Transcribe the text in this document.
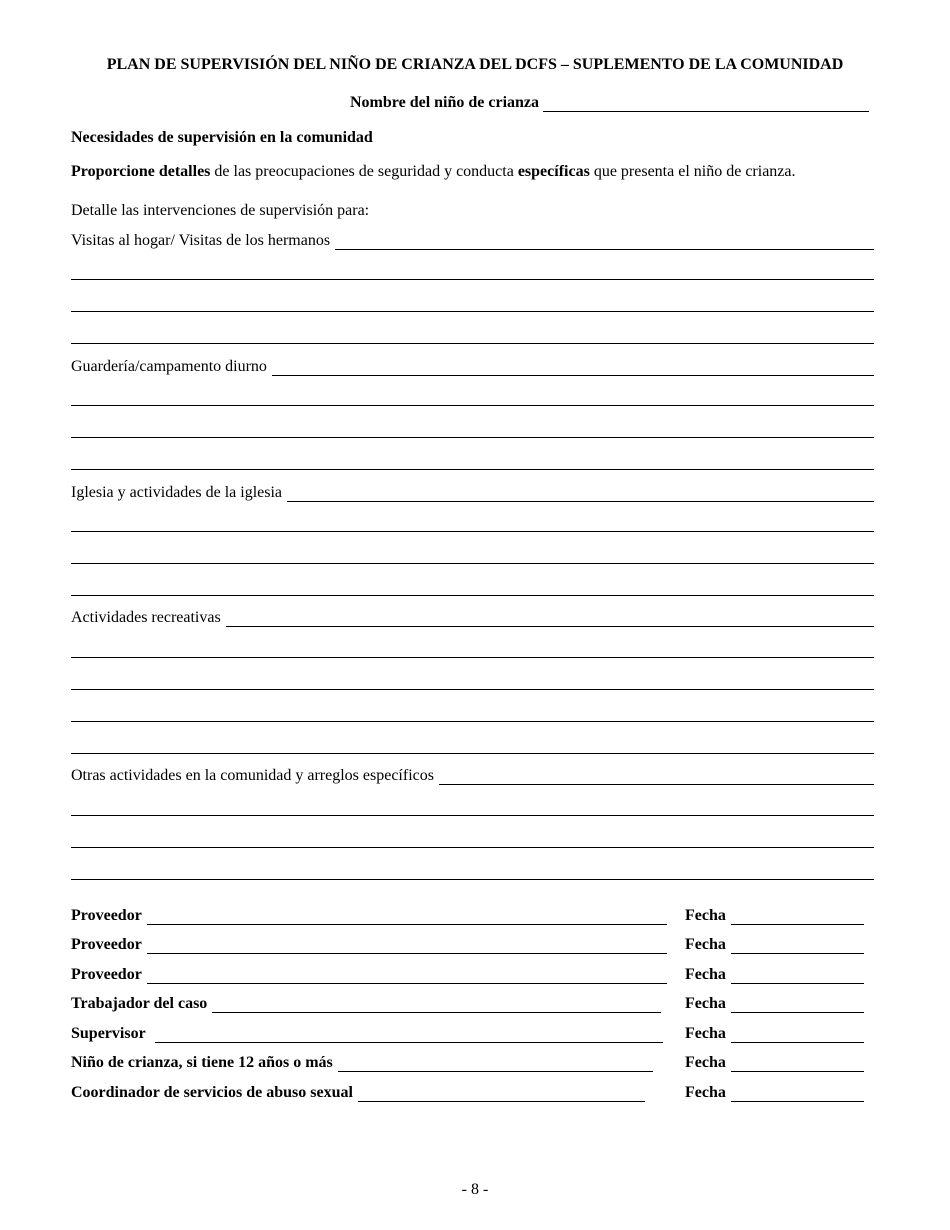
PLAN DE SUPERVISIÓN DEL NIÑO DE CRIANZA DEL DCFS – SUPLEMENTO DE LA COMUNIDAD
Nombre del niño de crianza
Necesidades de supervisión en la comunidad
Proporcione detalles de las preocupaciones de seguridad y conducta específicas que presenta el niño de crianza.
Detalle las intervenciones de supervisión para:
Visitas al hogar/ Visitas de los hermanos
Guardería/campamento diurno
Iglesia y actividades de la iglesia
Actividades recreativas
Otras actividades en la comunidad y arreglos específicos
Proveedor	Fecha
Proveedor	Fecha
Proveedor	Fecha
Trabajador del caso	Fecha
Supervisor	Fecha
Niño de crianza, si tiene 12 años o más	Fecha
Coordinador de servicios de abuso sexual	Fecha
- 8 -
